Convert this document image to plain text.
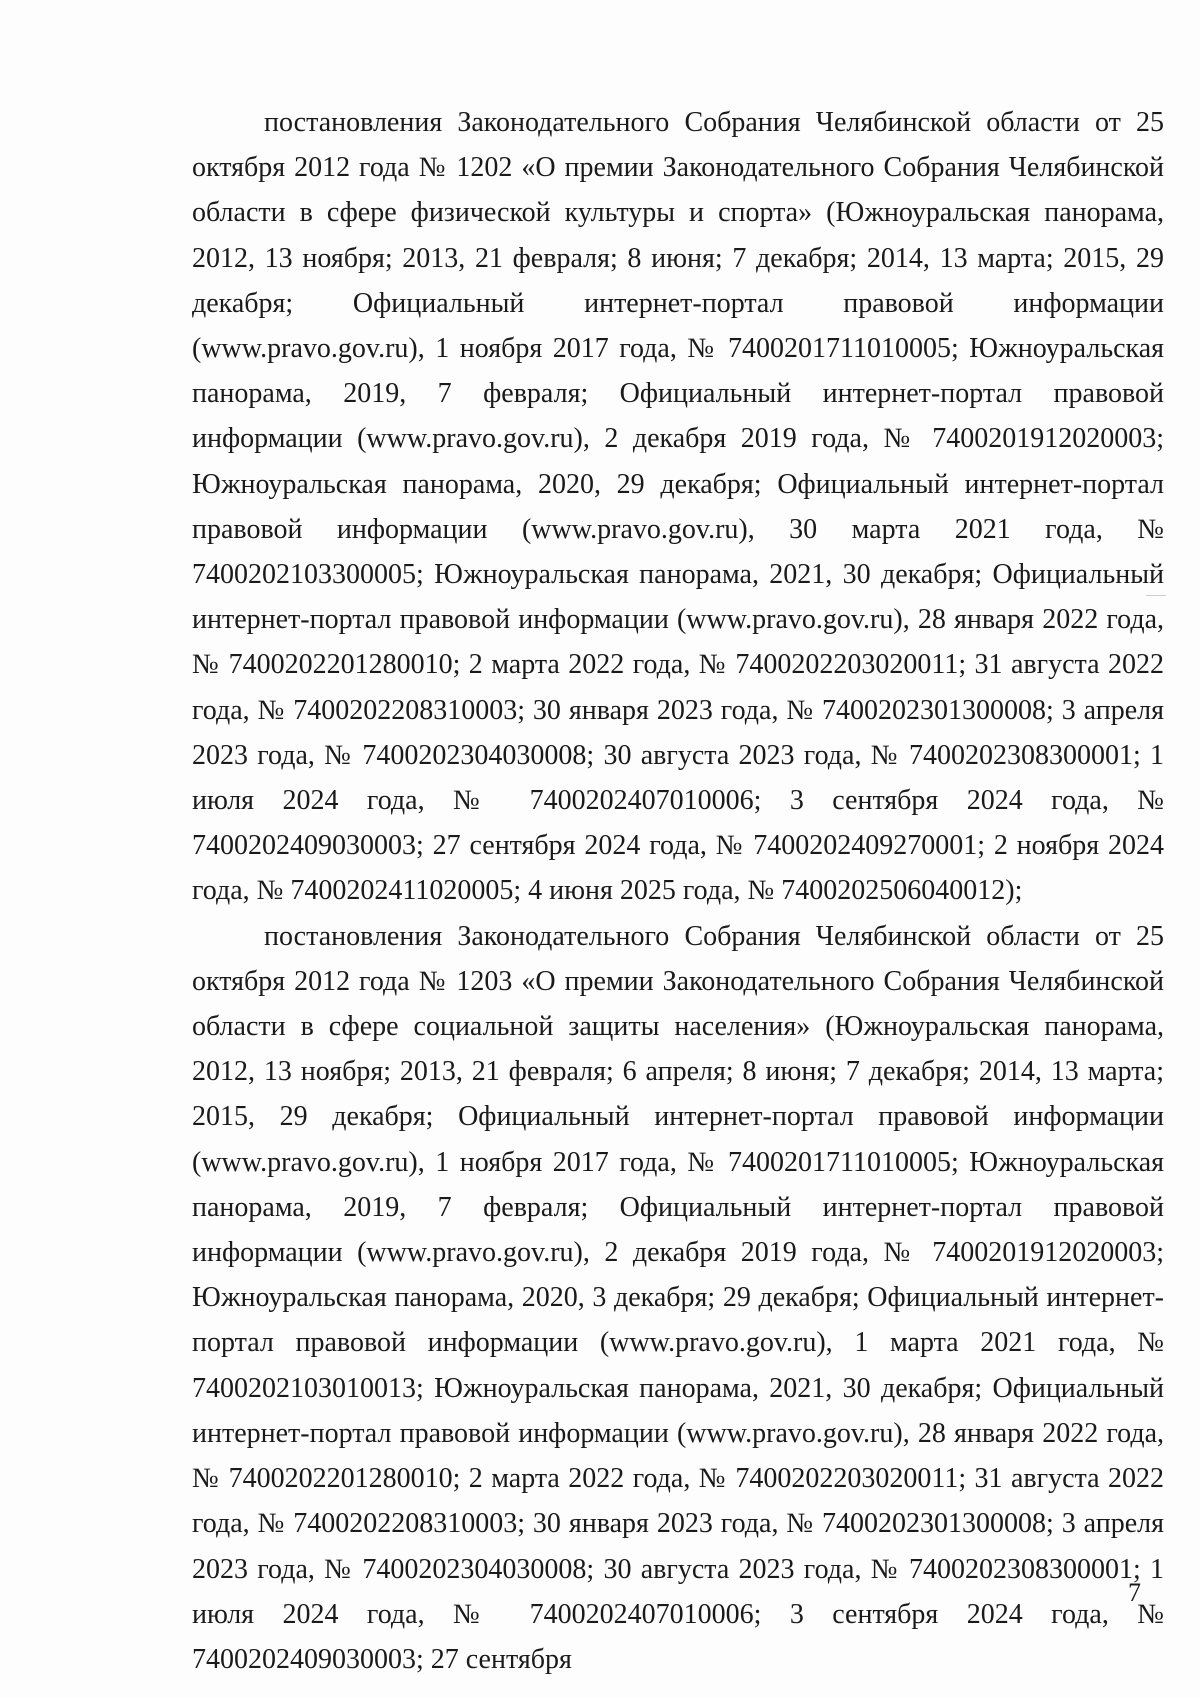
постановления Законодательного Собрания Челябинской области от 25 октября 2012 года № 1202 «О премии Законодательного Собрания Челябинской области в сфере физической культуры и спорта» (Южноуральская панорама, 2012, 13 ноября; 2013, 21 февраля; 8 июня; 7 декабря; 2014, 13 марта; 2015, 29 декабря; Официальный интернет-портал правовой информации (www.pravo.gov.ru), 1 ноября 2017 года, № 7400201711010005; Южноуральская панорама, 2019, 7 февраля; Официальный интернет-портал правовой информации (www.pravo.gov.ru), 2 декабря 2019 года, № 7400201912020003; Южноуральская панорама, 2020, 29 декабря; Официальный интернет-портал правовой информации (www.pravo.gov.ru), 30 марта 2021 года, № 7400202103300005; Южноуральская панорама, 2021, 30 декабря; Официальный интернет-портал правовой информации (www.pravo.gov.ru), 28 января 2022 года, № 7400202201280010; 2 марта 2022 года, № 7400202203020011; 31 августа 2022 года, № 7400202208310003; 30 января 2023 года, № 7400202301300008; 3 апреля 2023 года, № 7400202304030008; 30 августа 2023 года, № 7400202308300001; 1 июля 2024 года, № 7400202407010006; 3 сентября 2024 года, № 7400202409030003; 27 сентября 2024 года, № 7400202409270001; 2 ноября 2024 года, № 7400202411020005; 4 июня 2025 года, № 7400202506040012);

постановления Законодательного Собрания Челябинской области от 25 октября 2012 года № 1203 «О премии Законодательного Собрания Челябинской области в сфере социальной защиты населения» (Южноуральская панорама, 2012, 13 ноября; 2013, 21 февраля; 6 апреля; 8 июня; 7 декабря; 2014, 13 марта; 2015, 29 декабря; Официальный интернет-портал правовой информации (www.pravo.gov.ru), 1 ноября 2017 года, № 7400201711010005; Южноуральская панорама, 2019, 7 февраля; Официальный интернет-портал правовой информации (www.pravo.gov.ru), 2 декабря 2019 года, № 7400201912020003; Южноуральская панорама, 2020, 3 декабря; 29 декабря; Официальный интернет-портал правовой информации (www.pravo.gov.ru), 1 марта 2021 года, № 7400202103010013; Южноуральская панорама, 2021, 30 декабря; Официальный интернет-портал правовой информации (www.pravo.gov.ru), 28 января 2022 года, № 7400202201280010; 2 марта 2022 года, № 7400202203020011; 31 августа 2022 года, № 7400202208310003; 30 января 2023 года, № 7400202301300008; 3 апреля 2023 года, № 7400202304030008; 30 августа 2023 года, № 7400202308300001; 1 июля 2024 года, № 7400202407010006; 3 сентября 2024 года, № 7400202409030003; 27 сентября

7
